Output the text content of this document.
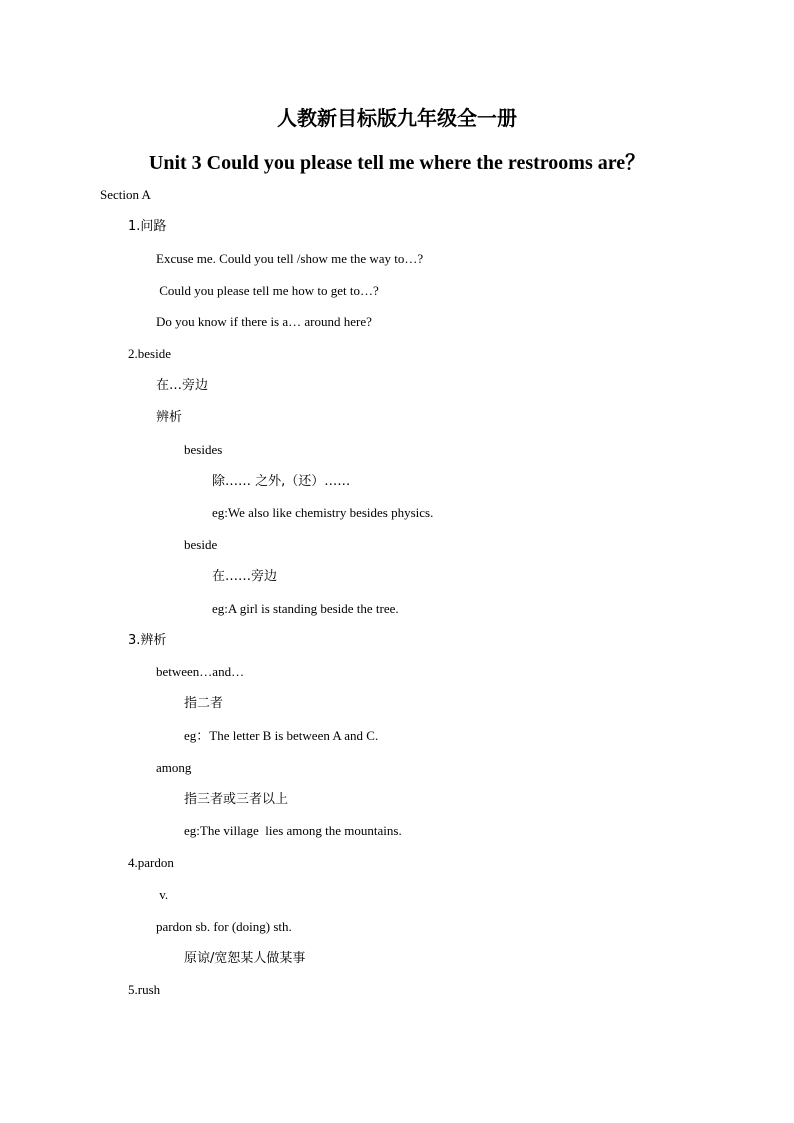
人教新目标版九年级全一册
Unit 3 Could you please tell me where the restrooms are？
Section A
1.问路
Excuse me. Could you tell /show me the way to…?
Could you please tell me how to get to…?
Do you know if there is a… around here?
2.beside
在…旁边
辨析
besides
除…… 之外,（还）……
eg:We also like chemistry besides physics.
beside
在……旁边
eg:A girl is standing beside the tree.
3.辨析
between…and…
指二者
eg：The letter B is between A and C.
among
指三者或三者以上
eg:The village  lies among the mountains.
4.pardon
v.
pardon sb. for (doing) sth.
原谅/宽恕某人做某事
5.rush
